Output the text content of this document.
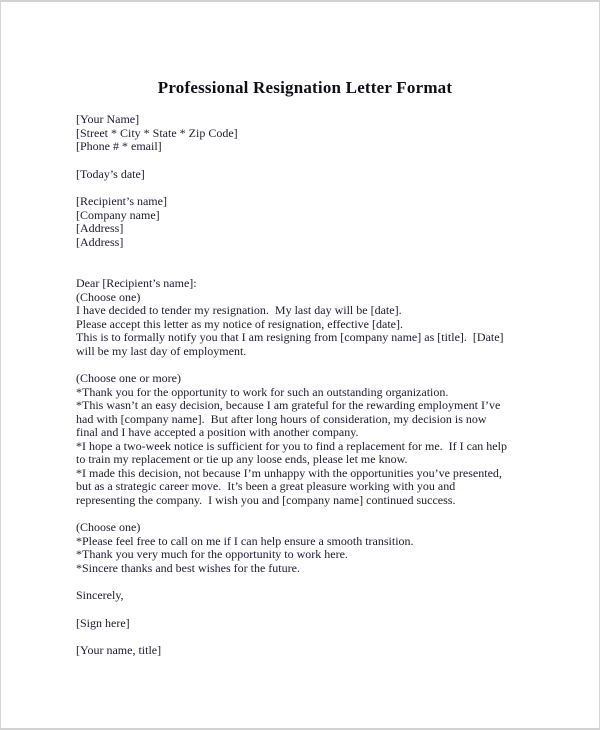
Professional Resignation Letter Format
[Your Name]
[Street * City * State * Zip Code]
[Phone # * email]
[Today’s date]
[Recipient’s name]
[Company name]
[Address]
[Address]
Dear [Recipient’s name]:
(Choose one)
I have decided to tender my resignation.  My last day will be [date].
Please accept this letter as my notice of resignation, effective [date].
This is to formally notify you that I am resigning from [company name] as [title].  [Date]
will be my last day of employment.
(Choose one or more)
*Thank you for the opportunity to work for such an outstanding organization.
*This wasn’t an easy decision, because I am grateful for the rewarding employment I’ve
had with [company name].  But after long hours of consideration, my decision is now
final and I have accepted a position with another company.
*I hope a two-week notice is sufficient for you to find a replacement for me.  If I can help
to train my replacement or tie up any loose ends, please let me know.
*I made this decision, not because I’m unhappy with the opportunities you’ve presented,
but as a strategic career move.  It’s been a great pleasure working with you and
representing the company.  I wish you and [company name] continued success.
(Choose one)
*Please feel free to call on me if I can help ensure a smooth transition.
*Thank you very much for the opportunity to work here.
*Sincere thanks and best wishes for the future.
Sincerely,
[Sign here]
[Your name, title]
